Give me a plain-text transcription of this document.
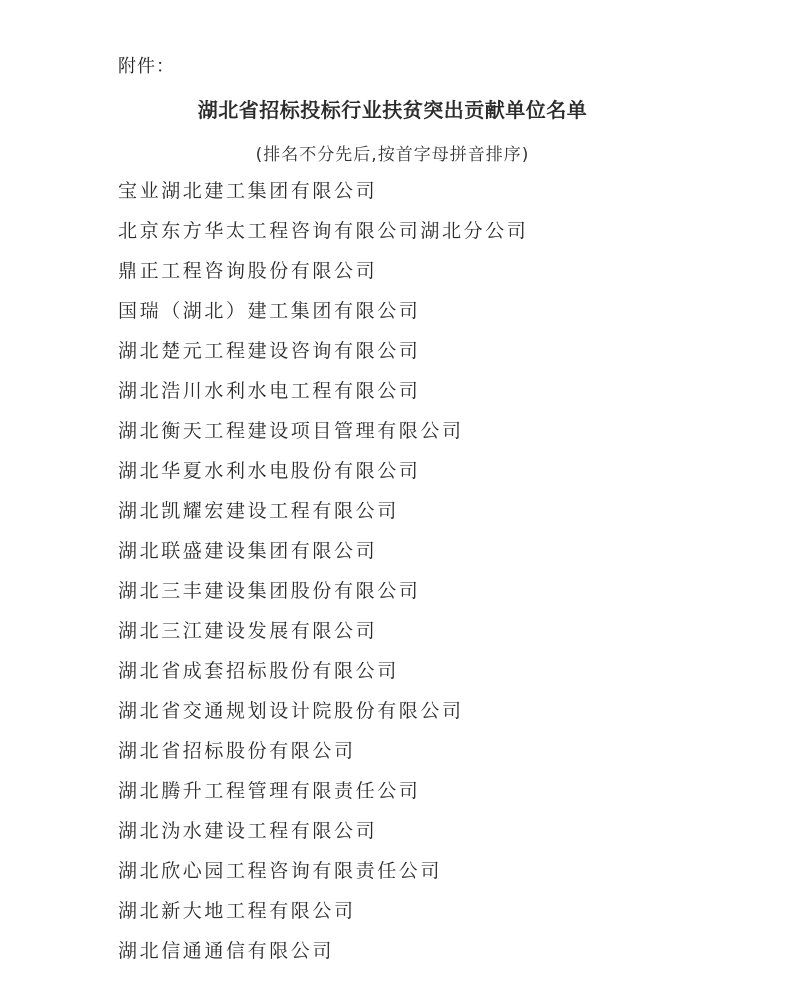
附件：
湖北省招标投标行业扶贫突出贡献单位名单
(排名不分先后,按首字母拼音排序)
宝业湖北建工集团有限公司
北京东方华太工程咨询有限公司湖北分公司
鼎正工程咨询股份有限公司
国瑞（湖北）建工集团有限公司
湖北楚元工程建设咨询有限公司
湖北浩川水利水电工程有限公司
湖北衡天工程建设项目管理有限公司
湖北华夏水利水电股份有限公司
湖北凯耀宏建设工程有限公司
湖北联盛建设集团有限公司
湖北三丰建设集团股份有限公司
湖北三江建设发展有限公司
湖北省成套招标股份有限公司
湖北省交通规划设计院股份有限公司
湖北省招标股份有限公司
湖北腾升工程管理有限责任公司
湖北沩水建设工程有限公司
湖北欣心园工程咨询有限责任公司
湖北新大地工程有限公司
湖北信通通信有限公司
